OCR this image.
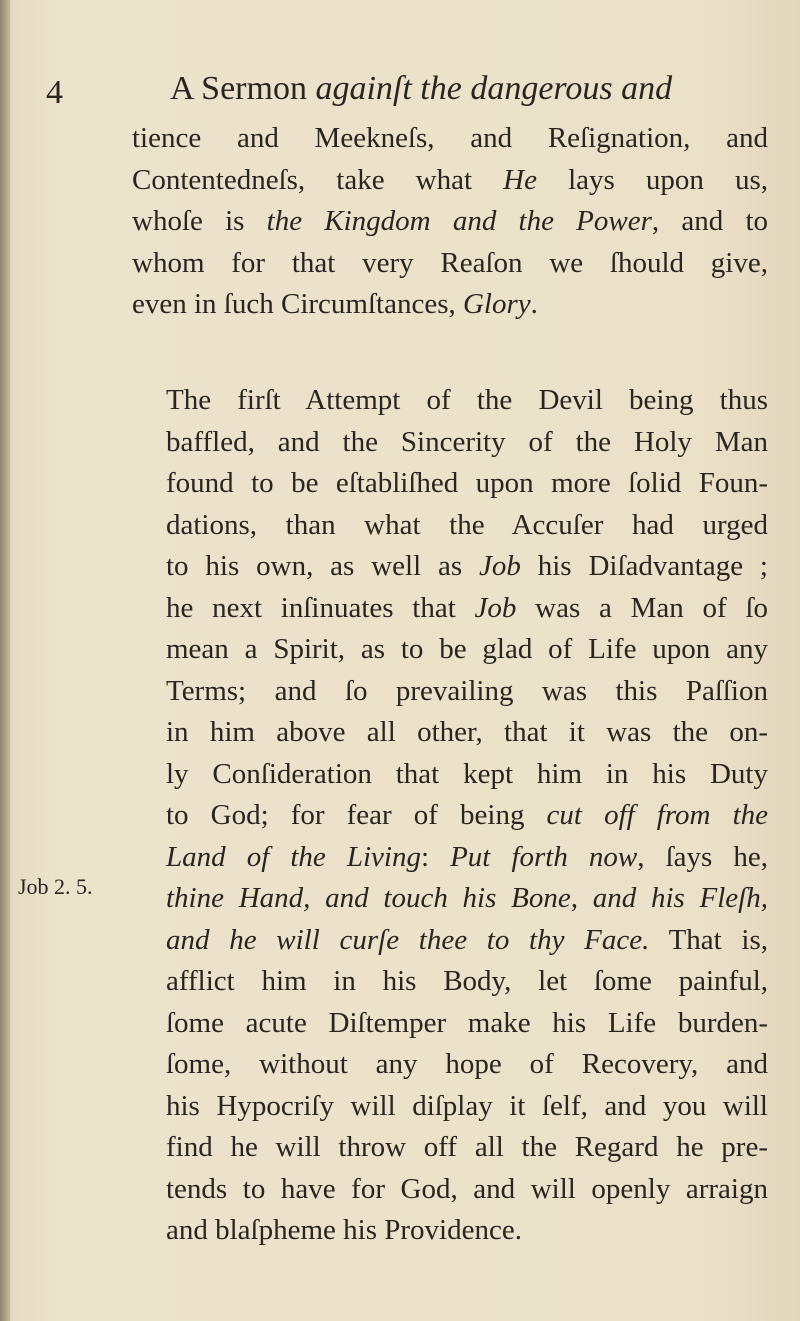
4	A Sermon againſt the dangerous and
tience and Meekneſs, and Reſignation, and
Contentedneſs, take what He lays upon us,
whoſe is the Kingdom and the Power, and to
whom for that very Reaſon we ſhould give,
even in ſuch Circumſtances, Glory.
The firſt Attempt of the Devil being thus
baffled, and the Sincerity of the Holy Man
found to be eſtabliſhed upon more ſolid Foun-
dations, than what the Accuſer had urged
to his own, as well as Job his Diſadvantage ;
he next inſinuates that Job was a Man of ſo
mean a Spirit, as to be glad of Life upon any
Terms; and ſo prevailing was this Paſſion
in him above all other, that it was the on-
ly Conſideration that kept him in his Duty
to God; for fear of being cut off from the
Land of the Living: Put forth now, ſays he,
thine Hand, and touch his Bone, and his Fleſh,
and he will curſe thee to thy Face. That is,
afflict him in his Body, let ſome painful,
ſome acute Diſtemper make his Life burden-
ſome, without any hope of Recovery, and
his Hypocriſy will diſplay it ſelf, and you will
find he will throw off all the Regard he pre-
tends to have for God, and will openly arraign
and blaſpheme his Providence.
Job 2. 5.
